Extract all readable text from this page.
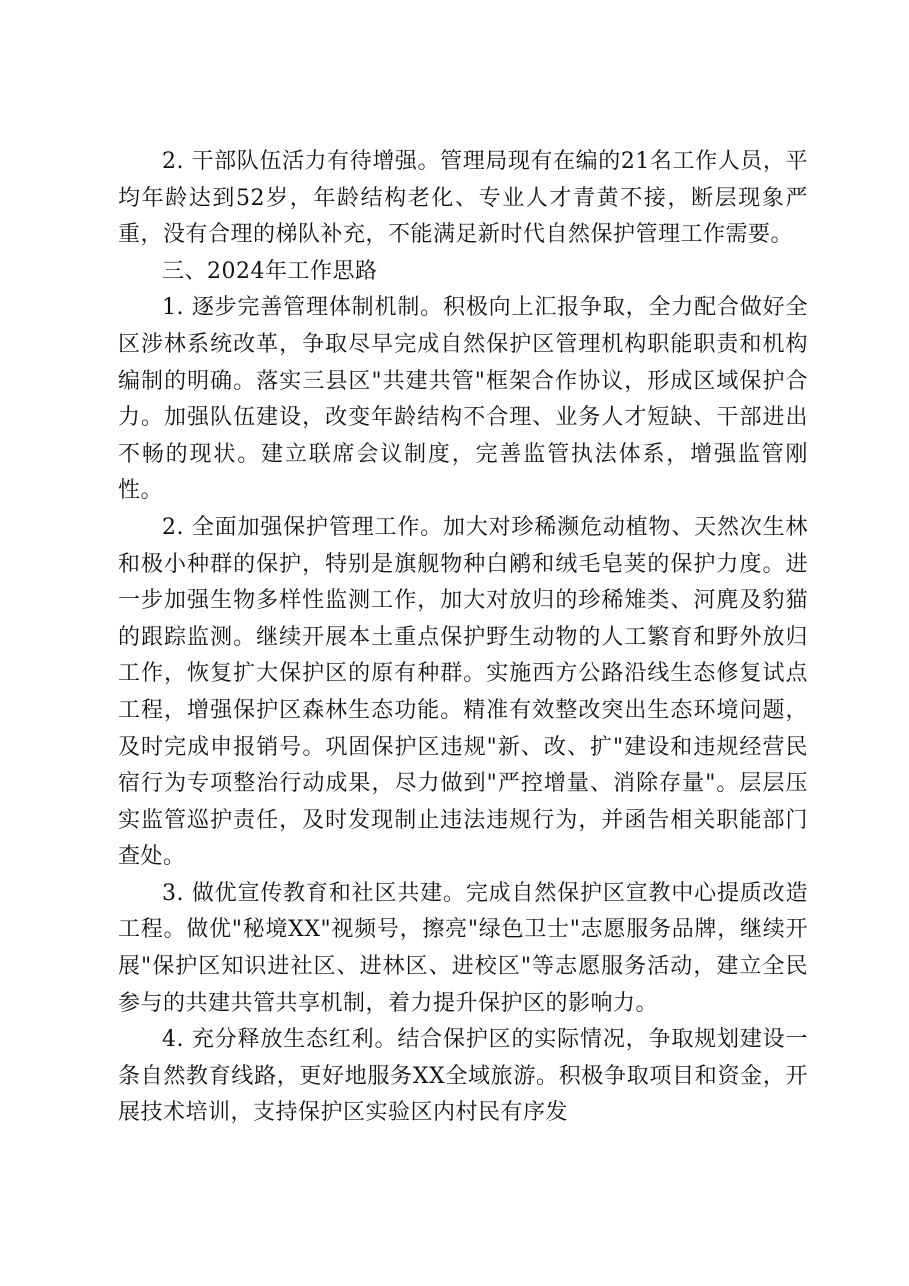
2. 干部队伍活力有待增强。管理局现有在编的21名工作人员，平均年龄达到52岁，年龄结构老化、专业人才青黄不接，断层现象严重，没有合理的梯队补充，不能满足新时代自然保护管理工作需要。

三、2024年工作思路

1. 逐步完善管理体制机制。积极向上汇报争取，全力配合做好全区涉林系统改革，争取尽早完成自然保护区管理机构职能职责和机构编制的明确。落实三县区"共建共管"框架合作协议，形成区域保护合力。加强队伍建设，改变年龄结构不合理、业务人才短缺、干部进出不畅的现状。建立联席会议制度，完善监管执法体系，增强监管刚性。

2. 全面加强保护管理工作。加大对珍稀濒危动植物、天然次生林和极小种群的保护，特别是旗舰物种白鹇和绒毛皂荚的保护力度。进一步加强生物多样性监测工作，加大对放归的珍稀雉类、河麂及豹猫的跟踪监测。继续开展本土重点保护野生动物的人工繁育和野外放归工作，恢复扩大保护区的原有种群。实施西方公路沿线生态修复试点工程，增强保护区森林生态功能。精准有效整改突出生态环境问题，及时完成申报销号。巩固保护区违规"新、改、扩"建设和违规经营民宿行为专项整治行动成果，尽力做到"严控增量、消除存量"。层层压实监管巡护责任，及时发现制止违法违规行为，并函告相关职能部门查处。

3. 做优宣传教育和社区共建。完成自然保护区宣教中心提质改造工程。做优"秘境XX"视频号，擦亮"绿色卫士"志愿服务品牌，继续开展"保护区知识进社区、进林区、进校区"等志愿服务活动，建立全民参与的共建共管共享机制，着力提升保护区的影响力。

4. 充分释放生态红利。结合保护区的实际情况，争取规划建设一条自然教育线路，更好地服务XX全域旅游。积极争取项目和资金，开展技术培训，支持保护区实验区内村民有序发
